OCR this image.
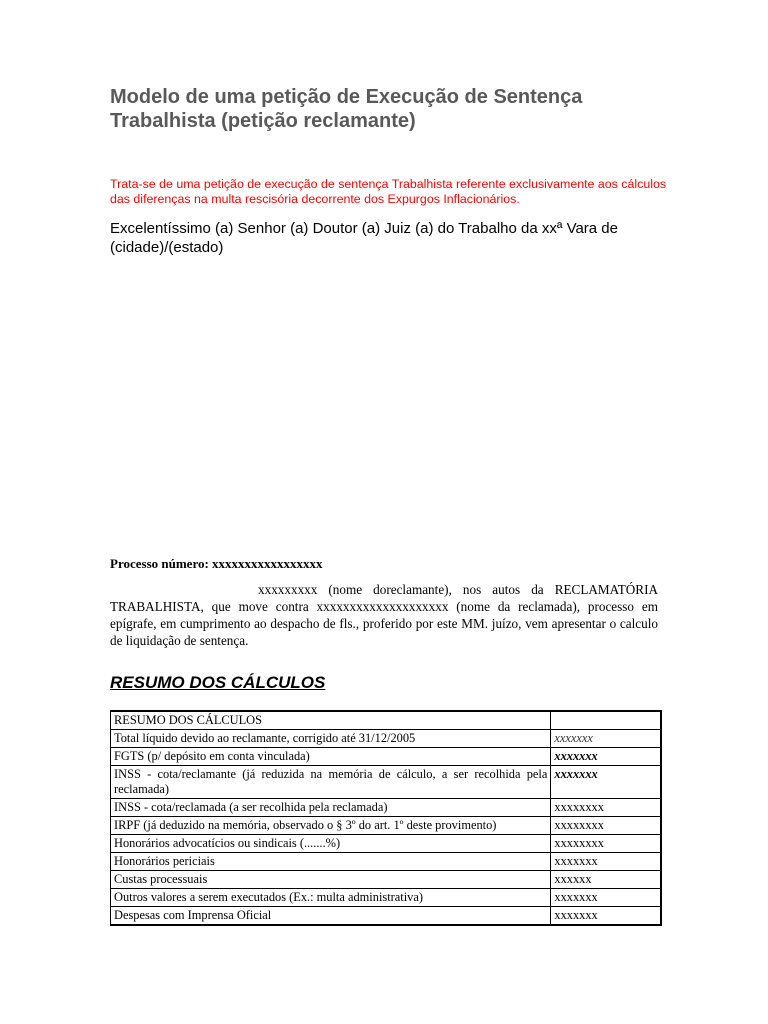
Modelo de uma petição de Execução de Sentença Trabalhista (petição reclamante)

Trata-se de uma petição de execução de sentença Trabalhista referente exclusivamente aos cálculos das diferenças na multa rescisória decorrente dos Expurgos Inflacionários.

Excelentíssimo (a) Senhor (a) Doutor (a) Juiz (a) do Trabalho da xxª Vara de (cidade)/(estado)

Processo número: xxxxxxxxxxxxxxxxx

xxxxxxxxx (nome doreclamante), nos autos da RECLAMATÓRIA TRABALHISTA, que move contra xxxxxxxxxxxxxxxxxxxx (nome da reclamada), processo em epígrafe, em cumprimento ao despacho de fls., proferido por este MM. juízo, vem apresentar o calculo de liquidação de sentença.

RESUMO DOS CÁLCULOS
RESUMO DOS CÁLCULOS	
Total líquido devido ao reclamante, corrigido até 31/12/2005	xxxxxxx
FGTS (p/ depósito em conta vinculada)	xxxxxxx
INSS - cota/reclamante (já reduzida na memória de cálculo, a ser recolhida pela reclamada)	xxxxxxx
INSS - cota/reclamada (a ser recolhida pela reclamada)	xxxxxxxx
IRPF (já deduzido na memória, observado o § 3º do art. 1º deste provimento)	xxxxxxxx
Honorários advocatícios ou sindicais (.......%)	xxxxxxxx
Honorários periciais	xxxxxxx
Custas processuais	xxxxxx
Outros valores a serem executados (Ex.: multa administrativa)	xxxxxxx
Despesas com Imprensa Oficial	xxxxxxx
